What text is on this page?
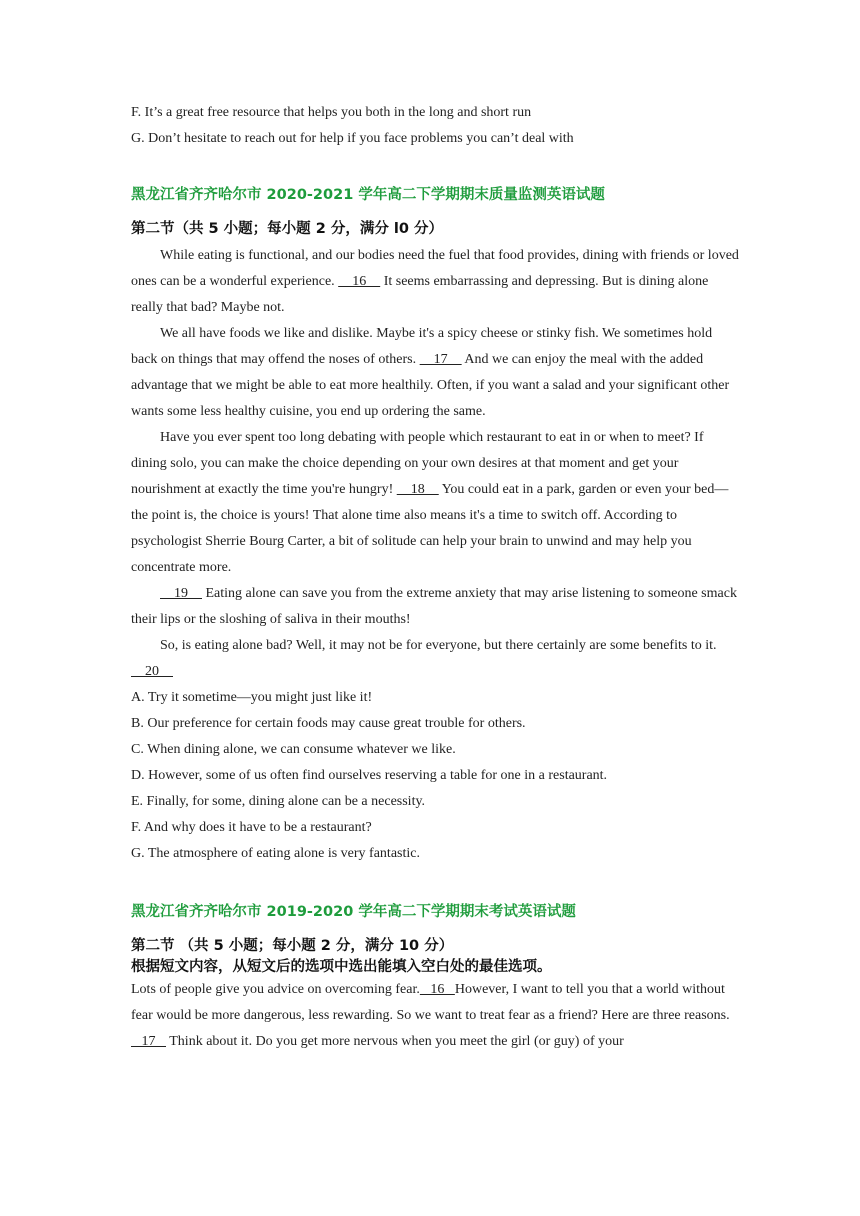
F. It’s a great free resource that helps you both in the long and short run
G. Don’t hesitate to reach out for help if you face problems you can’t deal with
黑龙江省齐齐哈尔市 2020-2021 学年高二下学期期末质量监测英语试题
第二节（共 5 小题；每小题 2 分，满分 l0 分）
While eating is functional, and our bodies need the fuel that food provides, dining with friends or loved ones can be a wonderful experience.     16     It seems embarrassing and depressing. But is dining alone really that bad? Maybe not.
We all have foods we like and dislike. Maybe it's a spicy cheese or stinky fish. We sometimes hold back on things that may offend the noses of others.     17     And we can enjoy the meal with the added advantage that we might be able to eat more healthily. Often, if you want a salad and your significant other wants some less healthy cuisine, you end up ordering the same.
Have you ever spent too long debating with people which restaurant to eat in or when to meet? If dining solo, you can make the choice depending on your own desires at that moment and get your nourishment at exactly the time you're hungry!     18     You could eat in a park, garden or even your bed—the point is, the choice is yours! That alone time also means it's a time to switch off. According to psychologist Sherrie Bourg Carter, a bit of solitude can help your brain to unwind and may help you concentrate more.
19     Eating alone can save you from the extreme anxiety that may arise listening to someone smack their lips or the sloshing of saliva in their mouths!
So, is eating alone bad? Well, it may not be for everyone, but there certainly are some benefits to it.    20
A. Try it sometime—you might just like it!
B. Our preference for certain foods may cause great trouble for others.
C. When dining alone, we can consume whatever we like.
D. However, some of us often find ourselves reserving a table for one in a restaurant.
E. Finally, for some, dining alone can be a necessity.
F. And why does it have to be a restaurant?
G. The atmosphere of eating alone is very fantastic.
黑龙江省齐齐哈尔市 2019-2020 学年高二下学期期末考试英语试题
第二节 （共 5 小题；每小题 2 分，满分 10 分）
根据短文内容，从短文后的选项中选出能填入空白处的最佳选项。
Lots of people give you advice on overcoming fear.   16   However, I want to tell you that a world without fear would be more dangerous, less rewarding. So we want to treat fear as a friend? Here are three reasons.
17    Think about it. Do you get more nervous when you meet the girl (or guy) of your
